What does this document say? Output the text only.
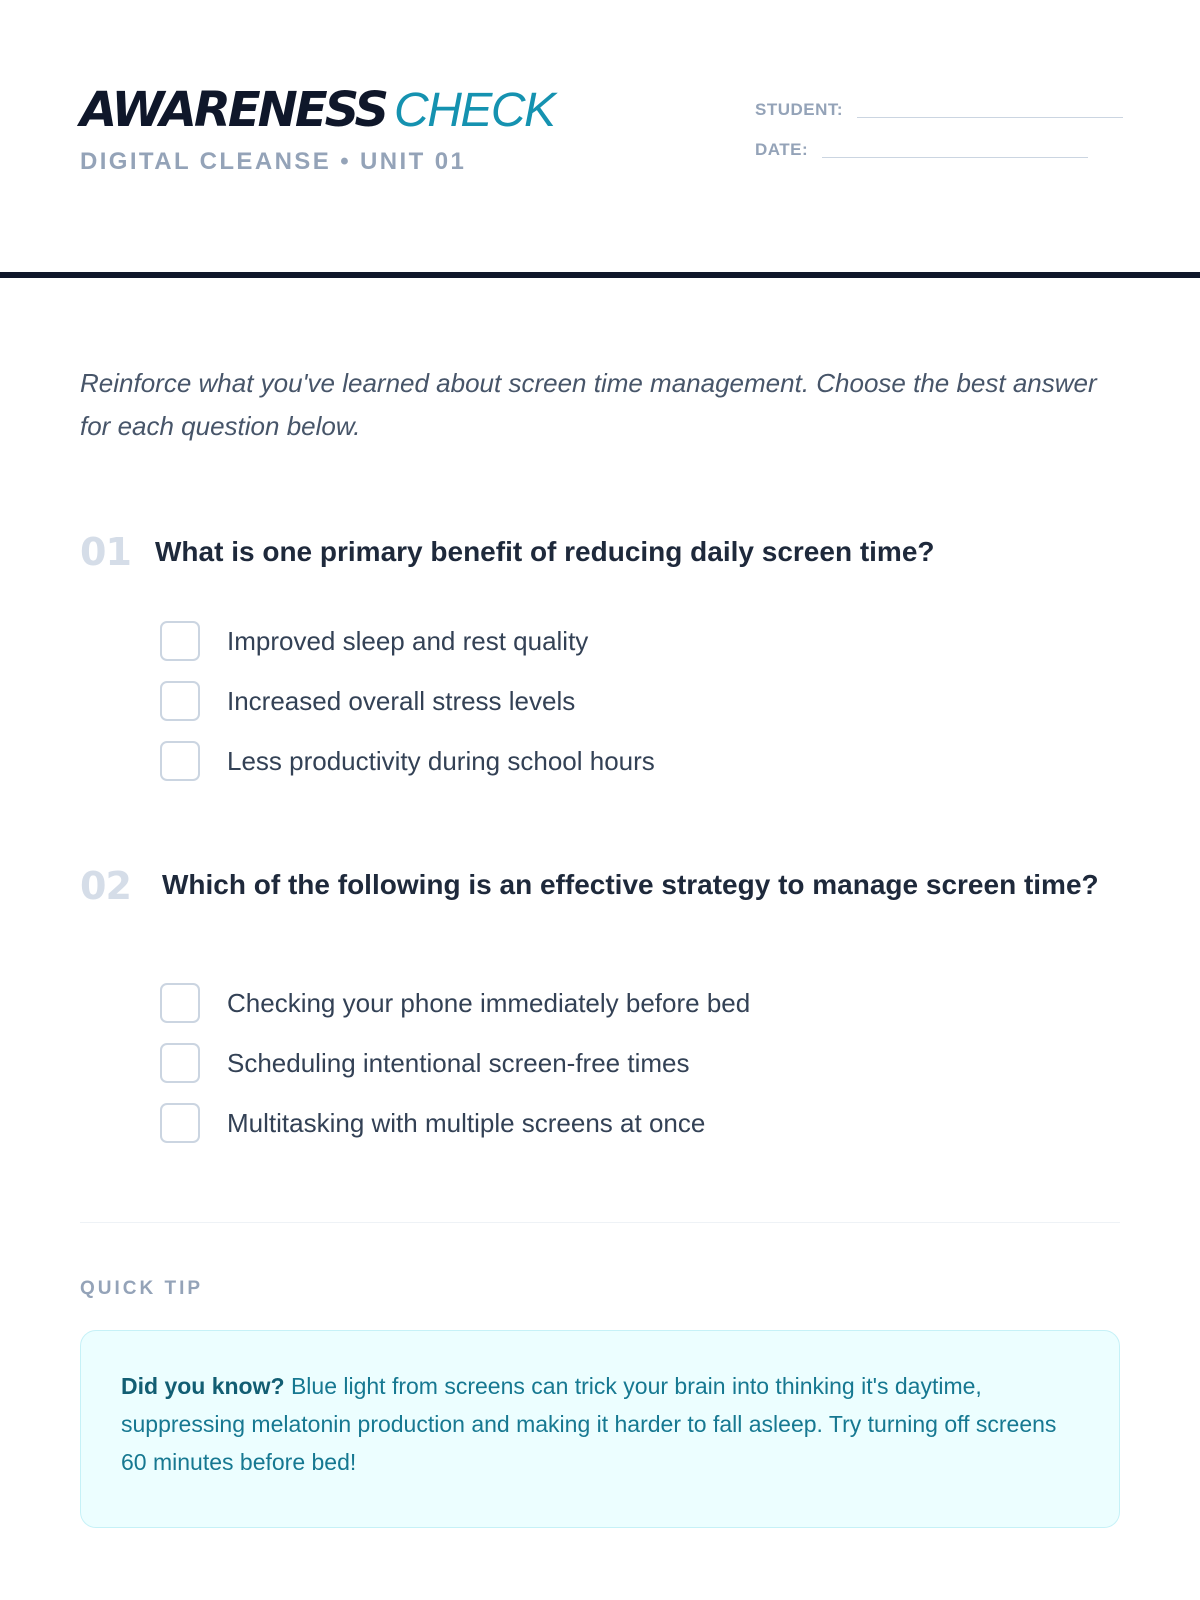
AWARENESS CHECK
DIGITAL CLEANSE • UNIT 01
STUDENT:
DATE:

Reinforce what you've learned about screen time management. Choose the best answer for each question below.

01 What is one primary benefit of reducing daily screen time?
Improved sleep and rest quality
Increased overall stress levels
Less productivity during school hours
02 Which of the following is an effective strategy to manage screen time?
Checking your phone immediately before bed
Scheduling intentional screen-free times
Multitasking with multiple screens at once
QUICK TIP

Did you know? Blue light from screens can trick your brain into thinking it's daytime, suppressing melatonin production and making it harder to fall asleep. Try turning off screens 60 minutes before bed!
